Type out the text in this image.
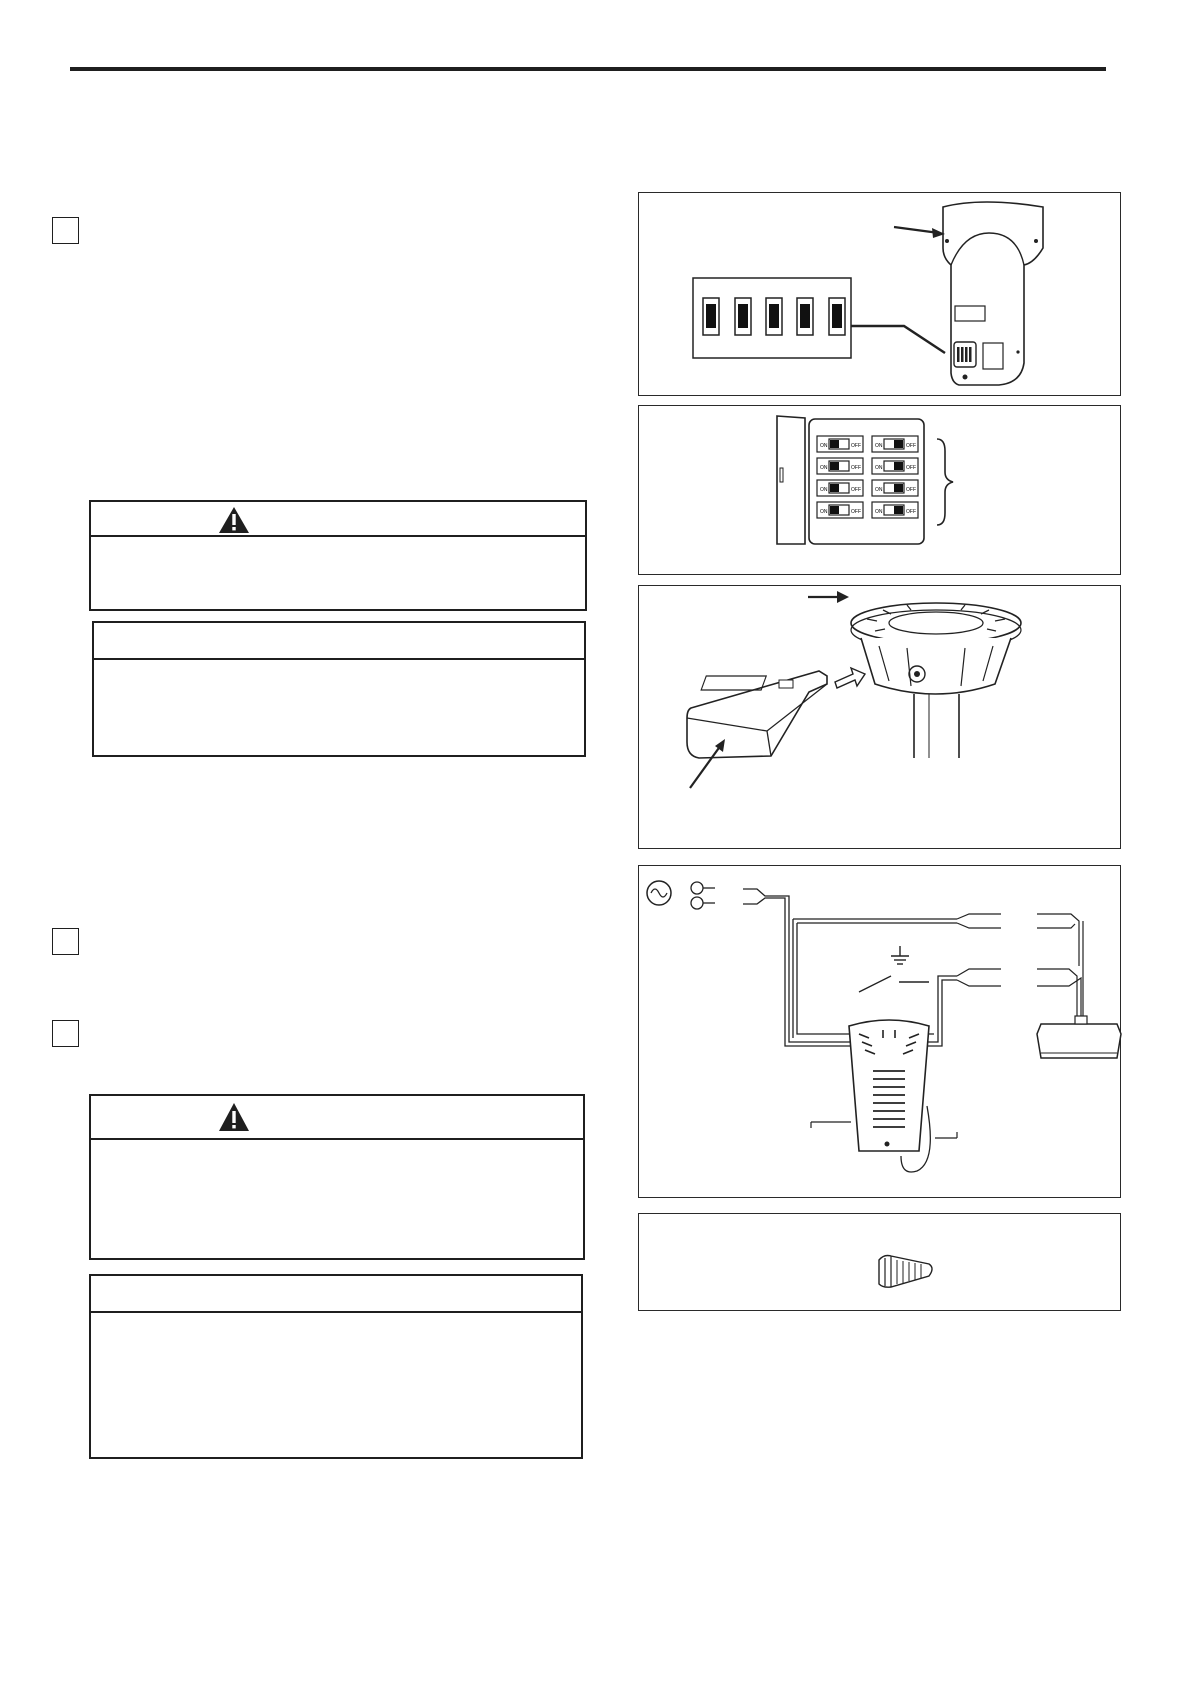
ON	OFF	ON	OFF
ON	OFF	ON	OFF
ON	OFF	ON	OFF
ON	OFF	ON	OFF
